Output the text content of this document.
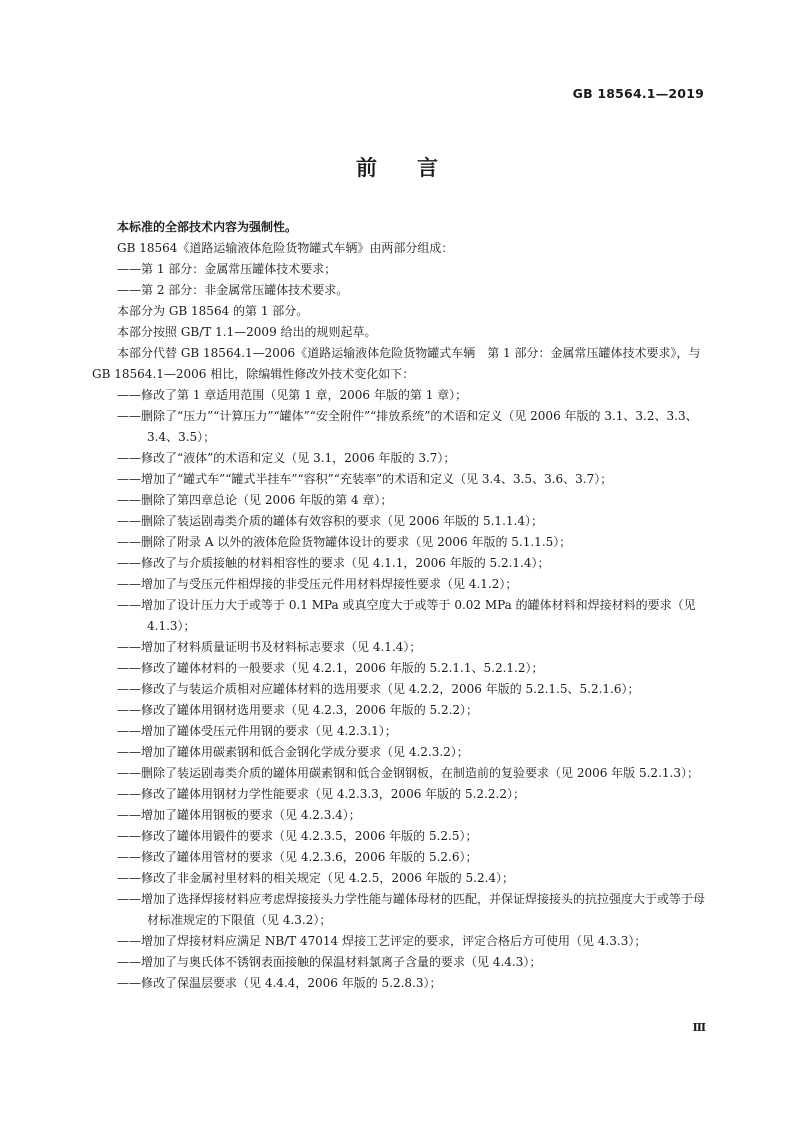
GB 18564.1—2019
前 言

本标准的全部技术内容为强制性。

GB 18564《道路运输液体危险货物罐式车辆》由两部分组成：

——第 1 部分：金属常压罐体技术要求；

——第 2 部分：非金属常压罐体技术要求。

本部分为 GB 18564 的第 1 部分。

本部分按照 GB/T 1.1—2009 给出的规则起草。

本部分代替 GB 18564.1—2006《道路运输液体危险货物罐式车辆　第 1 部分：金属常压罐体技术要求》，与 GB 18564.1—2006 相比，除编辑性修改外技术变化如下：

——修改了第 1 章适用范围（见第 1 章，2006 年版的第 1 章）；

——删除了“压力”“计算压力”“罐体”“安全附件”“排放系统”的术语和定义（见 2006 年版的 3.1、3.2、3.3、3.4、3.5）；

——修改了“液体”的术语和定义（见 3.1，2006 年版的 3.7）；

——增加了“罐式车”“罐式半挂车”“容积”“充装率”的术语和定义（见 3.4、3.5、3.6、3.7）；

——删除了第四章总论（见 2006 年版的第 4 章）；

——删除了装运剧毒类介质的罐体有效容积的要求（见 2006 年版的 5.1.1.4）；

——删除了附录 A 以外的液体危险货物罐体设计的要求（见 2006 年版的 5.1.1.5）；

——修改了与介质接触的材料相容性的要求（见 4.1.1，2006 年版的 5.2.1.4）；

——增加了与受压元件相焊接的非受压元件用材料焊接性要求（见 4.1.2）；

——增加了设计压力大于或等于 0.1 MPa 或真空度大于或等于 0.02 MPa 的罐体材料和焊接材料的要求（见 4.1.3）；

——增加了材料质量证明书及材料标志要求（见 4.1.4）；

——修改了罐体材料的一般要求（见 4.2.1，2006 年版的 5.2.1.1、5.2.1.2）；

——修改了与装运介质相对应罐体材料的选用要求（见 4.2.2，2006 年版的 5.2.1.5、5.2.1.6）；

——修改了罐体用钢材选用要求（见 4.2.3，2006 年版的 5.2.2）；

——增加了罐体受压元件用钢的要求（见 4.2.3.1）；

——增加了罐体用碳素钢和低合金钢化学成分要求（见 4.2.3.2）；

——删除了装运剧毒类介质的罐体用碳素钢和低合金钢钢板，在制造前的复验要求（见 2006 年版 5.2.1.3）；

——修改了罐体用钢材力学性能要求（见 4.2.3.3，2006 年版的 5.2.2.2）；

——增加了罐体用钢板的要求（见 4.2.3.4）；

——修改了罐体用锻件的要求（见 4.2.3.5，2006 年版的 5.2.5）；

——修改了罐体用管材的要求（见 4.2.3.6，2006 年版的 5.2.6）；

——修改了非金属衬里材料的相关规定（见 4.2.5，2006 年版的 5.2.4）；

——增加了选择焊接材料应考虑焊接接头力学性能与罐体母材的匹配，并保证焊接接头的抗拉强度大于或等于母材标准规定的下限值（见 4.3.2）；

——增加了焊接材料应满足 NB/T 47014 焊接工艺评定的要求，评定合格后方可使用（见 4.3.3）；

——增加了与奥氏体不锈钢表面接触的保温材料氯离子含量的要求（见 4.4.3）；

——修改了保温层要求（见 4.4.4，2006 年版的 5.2.8.3）；

Ⅲ
